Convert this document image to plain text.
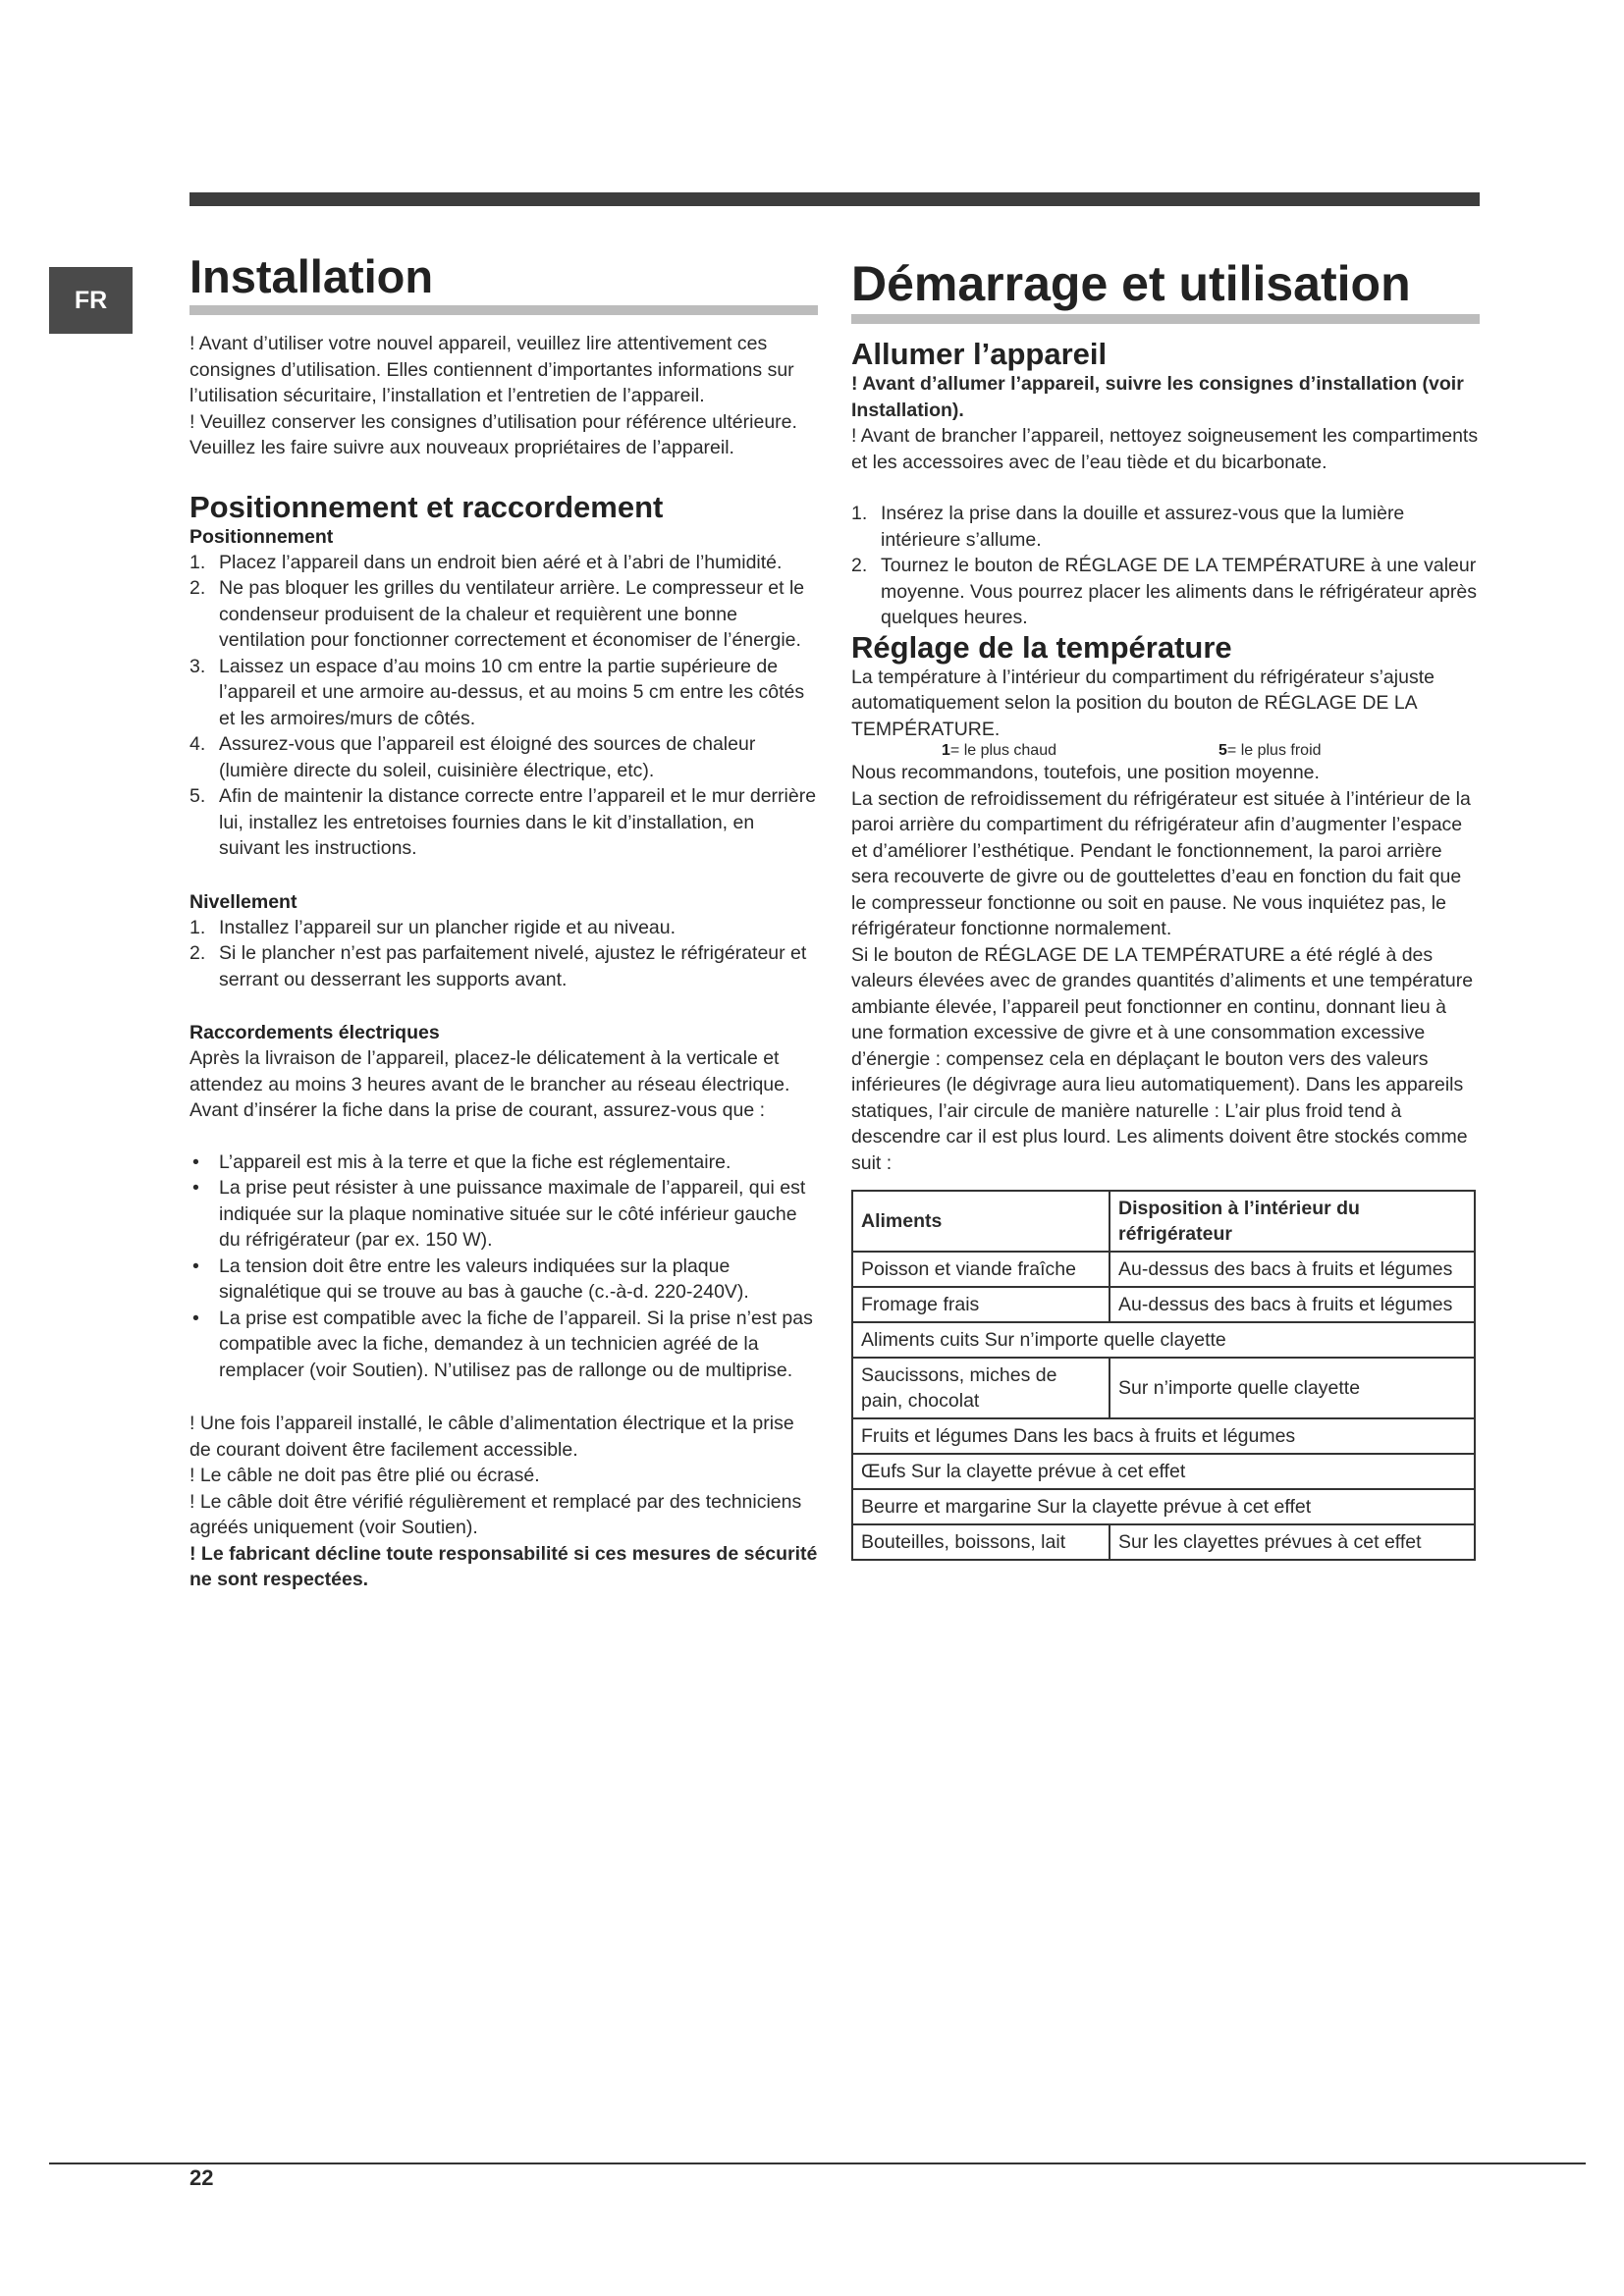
FR	Installation

! Avant d’utiliser votre nouvel appareil, veuillez lire attentivement ces consignes d’utilisation. Elles contiennent d’importantes informations sur l’utilisation sécuritaire, l’installation et l’entretien de l’appareil.

! Veuillez conserver les consignes d’utilisation pour référence ultérieure.

Veuillez les faire suivre aux nouveaux propriétaires de l’appareil.

Positionnement et raccordement
Positionnement
1. Placez l’appareil dans un endroit bien aéré et à l’abri de l’humidité.
2. Ne pas bloquer les grilles du ventilateur arrière. Le compresseur et le condenseur produisent de la chaleur et requièrent une bonne ventilation pour fonctionner correctement et économiser de l’énergie.
3. Laissez un espace d’au moins 10 cm entre la partie supérieure de l’appareil et une armoire au-dessus, et au moins 5 cm entre les côtés et les armoires/murs de côtés.
4. Assurez-vous que l’appareil est éloigné des sources de chaleur (lumière directe du soleil, cuisinière électrique, etc).
5. Afin de maintenir la distance correcte entre l’appareil et le mur derrière lui, installez les entretoises fournies dans le kit d’installation, en suivant les instructions.
Nivellement
1. Installez l’appareil sur un plancher rigide et au niveau.
2. Si le plancher n’est pas parfaitement nivelé, ajustez le réfrigérateur et serrant ou desserrant les supports avant.
Raccordements électriques

Après la livraison de l’appareil, placez-le délicatement à la verticale et attendez au moins 3 heures avant de le brancher au réseau électrique. Avant d’insérer la fiche dans la prise de courant, assurez-vous que :

• L’appareil est mis à la terre et que la fiche est réglementaire.
• La prise peut résister à une puissance maximale de l’appareil, qui est indiquée sur la plaque nominative située sur le côté inférieur gauche du réfrigérateur (par ex. 150 W).
• La tension doit être entre les valeurs indiquées sur la plaque signalétique qui se trouve au bas à gauche (c.-à-d. 220-240V).
• La prise est compatible avec la fiche de l’appareil. Si la prise n’est pas compatible avec la fiche, demandez à un technicien agréé de la remplacer (voir Soutien). N’utilisez pas de rallonge ou de multiprise.

! Une fois l’appareil installé, le câble d’alimentation électrique et la prise de courant doivent être facilement accessible.

! Le câble ne doit pas être plié ou écrasé.

! Le câble doit être vérifié régulièrement et remplacé par des techniciens agréés uniquement (voir Soutien).

! Le fabricant décline toute responsabilité si ces mesures de sécurité ne sont respectées.

Démarrage et utilisation
Allumer l’appareil

! Avant d’allumer l’appareil, suivre les consignes d’installation (voir Installation).

! Avant de brancher l’appareil, nettoyez soigneusement les compartiments et les accessoires avec de l’eau tiède et du bicarbonate.

1. Insérez la prise dans la douille et assurez-vous que la lumière intérieure s’allume.
2. Tournez le bouton de RÉGLAGE DE LA TEMPÉRATURE à une valeur moyenne. Vous pourrez placer les aliments dans le réfrigérateur après quelques heures.
Réglage de la température

La température à l’intérieur du compartiment du réfrigérateur s’ajuste automatiquement selon la position du bouton de RÉGLAGE DE LA TEMPÉRATURE.

1= le plus chaud	5= le plus froid

Nous recommandons, toutefois, une position moyenne.

La section de refroidissement du réfrigérateur est située à l’intérieur de la paroi arrière du compartiment du réfrigérateur afin d’augmenter l’espace et d’améliorer l’esthétique. Pendant le fonctionnement, la paroi arrière sera recouverte de givre ou de gouttelettes d’eau en fonction du fait que le compresseur fonctionne ou soit en pause. Ne vous inquiétez pas, le réfrigérateur fonctionne normalement.

Si le bouton de RÉGLAGE DE LA TEMPÉRATURE a été réglé à des valeurs élevées avec de grandes quantités d’aliments et une température ambiante élevée, l’appareil peut fonctionner en continu, donnant lieu à une formation excessive de givre et à une consommation excessive d’énergie : compensez cela en déplaçant le bouton vers des valeurs inférieures (le dégivrage aura lieu automatiquement). Dans les appareils statiques, l’air circule de manière naturelle : L’air plus froid tend à descendre car il est plus lourd. Les aliments doivent être stockés comme suit :

Aliments	Disposition à l’intérieur du réfrigérateur
Poisson et viande fraîche	Au-dessus des bacs à fruits et légumes
Fromage frais	Au-dessus des bacs à fruits et légumes
Aliments cuits Sur n’importe quelle clayette	
Saucissons, miches de pain, chocolat	Sur n’importe quelle clayette
Fruits et légumes Dans les bacs à fruits et légumes	
Œufs Sur la clayette prévue à cet effet	
Beurre et margarine Sur la clayette prévue à cet effet	
Bouteilles, boissons, lait	Sur les clayettes prévues à cet effet
22
